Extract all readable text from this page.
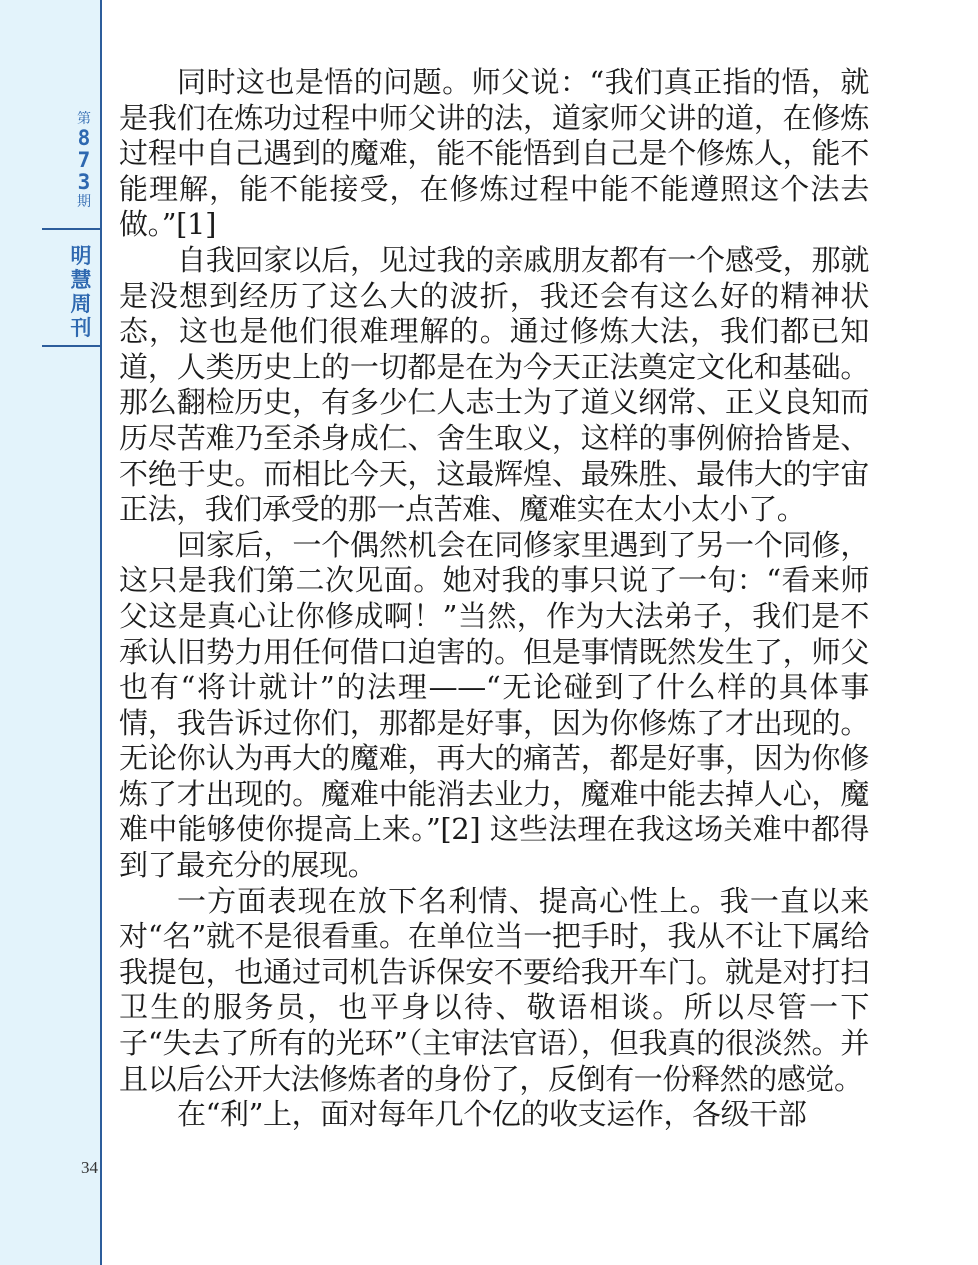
第
8
7
3
期
明
慧
周
刊
34

同时这也是悟的问题。师父说：“我们真正指的悟，就是我们在炼功过程中师父讲的法，道家师父讲的道，在修炼过程中自己遇到的魔难，能不能悟到自己是个修炼人，能不能理解，能不能接受，在修炼过程中能不能遵照这个法去做。”[1]

自我回家以后，见过我的亲戚朋友都有一个感受，那就是没想到经历了这么大的波折，我还会有这么好的精神状态，这也是他们很难理解的。通过修炼大法，我们都已知道，人类历史上的一切都是在为今天正法奠定文化和基础。那么翻检历史，有多少仁人志士为了道义纲常、正义良知而历尽苦难乃至杀身成仁、舍生取义，这样的事例俯拾皆是、不绝于史。而相比今天，这最辉煌、最殊胜、最伟大的宇宙正法，我们承受的那一点苦难、魔难实在太小太小了。

回家后，一个偶然机会在同修家里遇到了另一个同修，这只是我们第二次见面。她对我的事只说了一句：“看来师父这是真心让你修成啊！”当然，作为大法弟子，我们是不承认旧势力用任何借口迫害的。但是事情既然发生了，师父也有“将计就计”的法理——“无论碰到了什么样的具体事情，我告诉过你们，那都是好事，因为你修炼了才出现的。无论你认为再大的魔难，再大的痛苦，都是好事，因为你修炼了才出现的。魔难中能消去业力，魔难中能去掉人心，魔难中能够使你提高上来。”[2] 这些法理在我这场关难中都得到了最充分的展现。

一方面表现在放下名利情、提高心性上。我一直以来对“名”就不是很看重。在单位当一把手时，我从不让下属给我提包，也通过司机告诉保安不要给我开车门。就是对打扫卫生的服务员，也平身以待、敬语相谈。所以尽管一下子“失去了所有的光环”（主审法官语），但我真的很淡然。并且以后公开大法修炼者的身份了，反倒有一份释然的感觉。

在“利”上，面对每年几个亿的收支运作，各级干部
